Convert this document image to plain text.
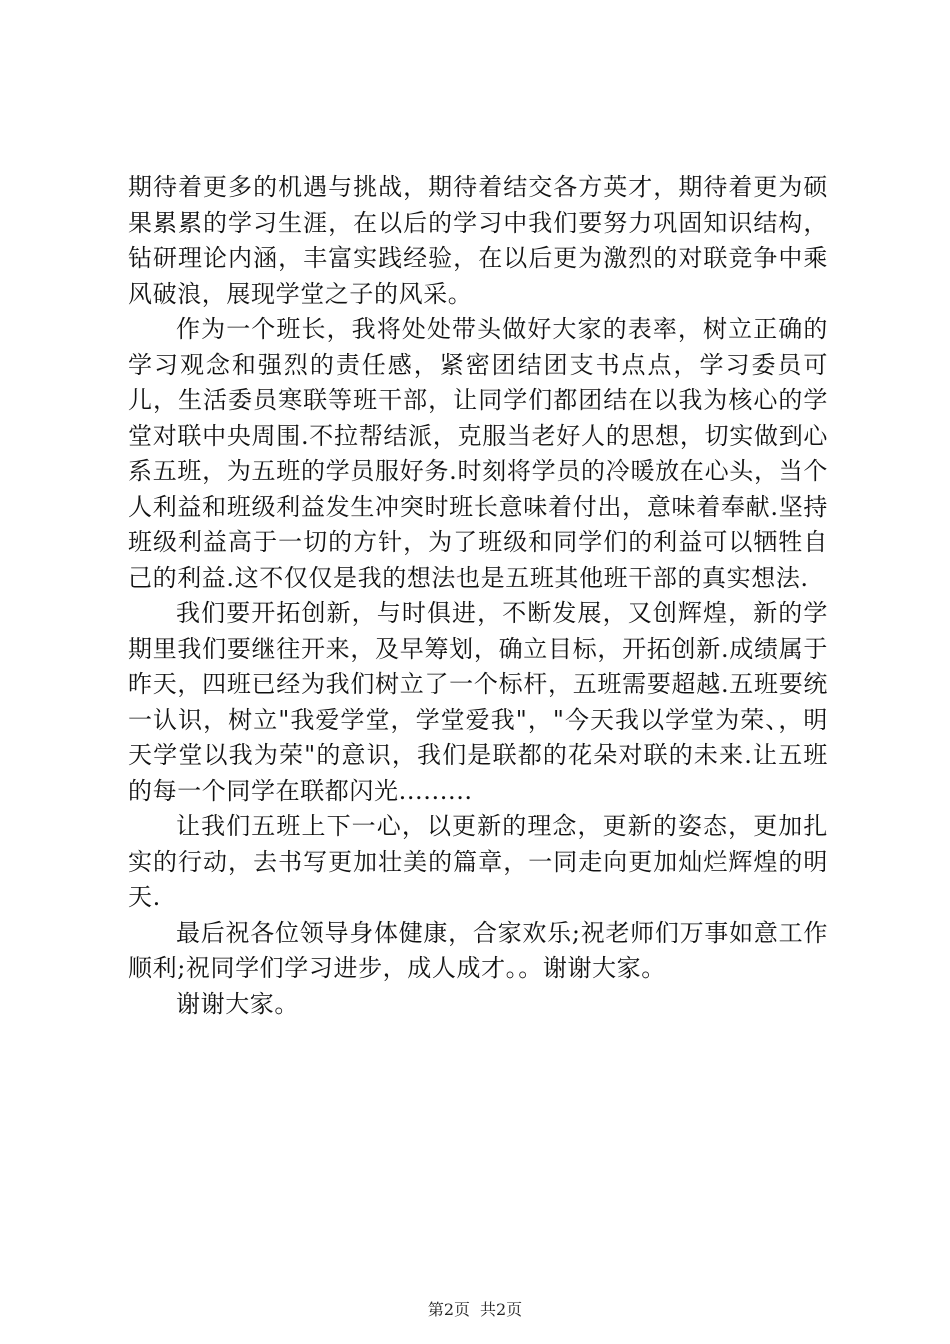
期待着更多的机遇与挑战，期待着结交各方英才，期待着更为硕果累累的学习生涯，在以后的学习中我们要努力巩固知识结构，钻研理论内涵，丰富实践经验，在以后更为激烈的对联竞争中乘风破浪，展现学堂之子的风采。

作为一个班长，我将处处带头做好大家的表率，树立正确的学习观念和强烈的责任感，紧密团结团支书点点，学习委员可儿，生活委员寒联等班干部，让同学们都团结在以我为核心的学堂对联中央周围.不拉帮结派，克服当老好人的思想，切实做到心系五班，为五班的学员服好务.时刻将学员的冷暖放在心头，当个人利益和班级利益发生冲突时班长意味着付出，意味着奉献.坚持班级利益高于一切的方针，为了班级和同学们的利益可以牺牲自己的利益.这不仅仅是我的想法也是五班其他班干部的真实想法.

我们要开拓创新，与时俱进，不断发展，又创辉煌，新的学期里我们要继往开来，及早筹划，确立目标，开拓创新.成绩属于昨天，四班已经为我们树立了一个标杆，五班需要超越.五班要统一认识，树立"我爱学堂，学堂爱我"，"今天我以学堂为荣、，明天学堂以我为荣"的意识，我们是联都的花朵对联的未来.让五班的每一个同学在联都闪光.........

让我们五班上下一心，以更新的理念，更新的姿态，更加扎实的行动，去书写更加壮美的篇章，一同走向更加灿烂辉煌的明天.

最后祝各位领导身体健康，合家欢乐;祝老师们万事如意工作顺利;祝同学们学习进步，成人成才。。谢谢大家。

谢谢大家。

第2页 共2页
